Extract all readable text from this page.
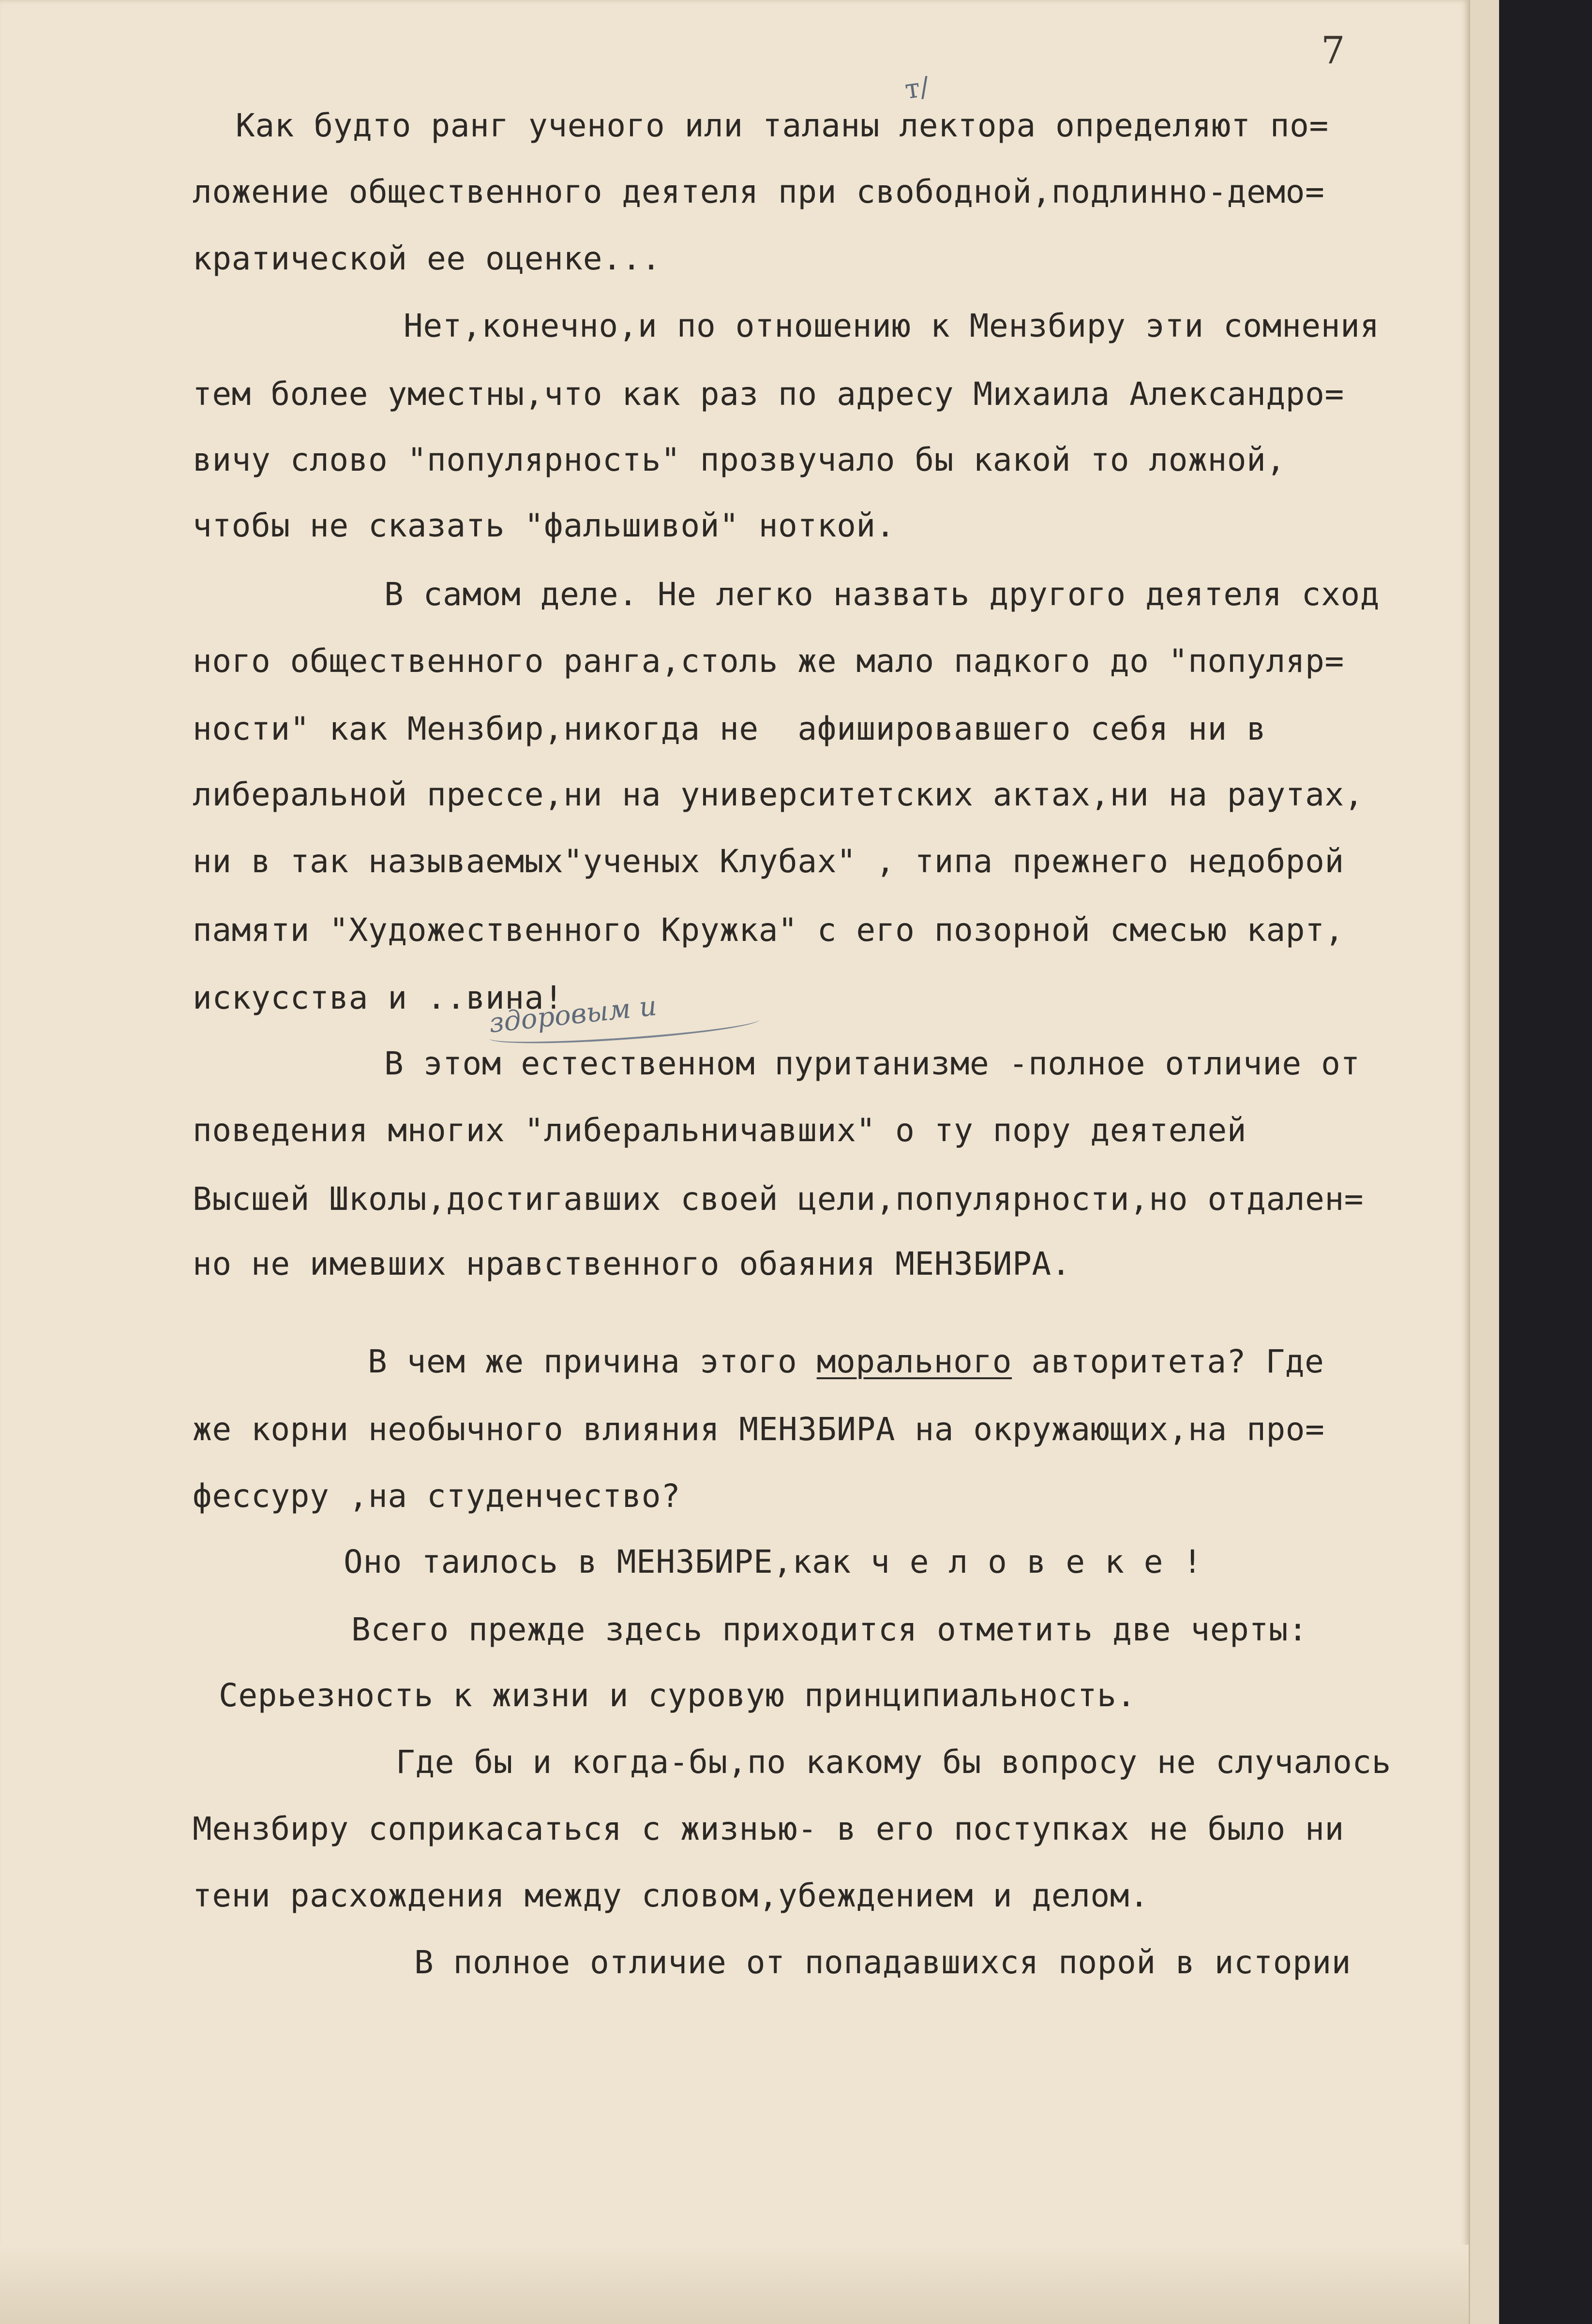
7
т/
здоровым и
Как будто ранг ученого или таланы лектора определяют по=
ложение общественного деятеля при свободной,подлинно-демо=
кратической ее оценке...
Нет,конечно,и по отношению к Мензбиру эти сомнения
тем более уместны,что как раз по адресу Михаила Александро=
вичу слово "популярность" прозвучало бы какой то ложной,
чтобы не сказать "фальшивой" ноткой.
В самом деле. Не легко назвать другого деятеля сход
ного общественного ранга,столь же мало падкого до "популяр=
ности" как Мензбир,никогда не  афишировавшего себя ни в
либеральной прессе,ни на университетских актах,ни на раутах,
ни в так называемых"ученых Клубах" , типа прежнего недоброй
памяти "Художественного Кружка" с его позорной смесью карт,
искусства и ..вина!
В этом естественном пуританизме -полное отличие от
поведения многих "либеральничавших" о ту пору деятелей
Высшей Школы,достигавших своей цели,популярности,но отдален=
но не имевших нравственного обаяния МЕНЗБИРА.
В чем же причина этого морального авторитета? Где
же корни необычного влияния МЕНЗБИРА на окружающих,на про=
фессуру ,на студенчество?
Оно таилось в МЕНЗБИРЕ,как ч е л о в е к е !
Всего прежде здесь приходится отметить две черты:
Серьезность к жизни и суровую принципиальность.
Где бы и когда-бы,по какому бы вопросу не случалось
Мензбиру соприкасаться с жизнью- в его поступках не было ни
тени расхождения между словом,убеждением и делом.
В полное отличие от попадавшихся порой в истории
